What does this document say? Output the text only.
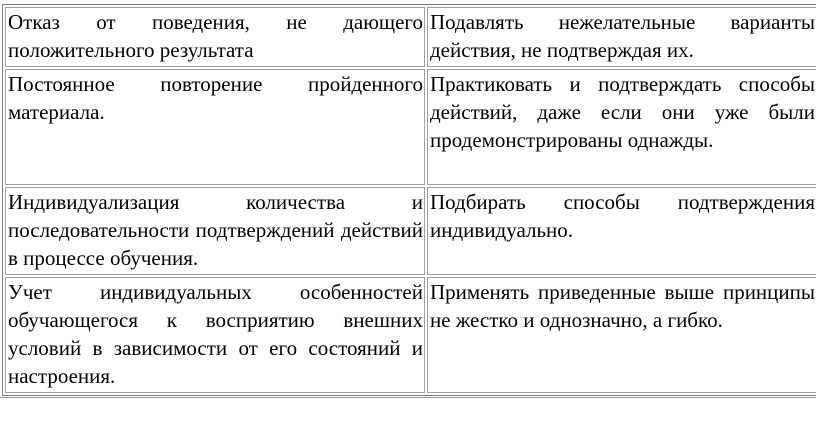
Отказ от поведения, не дающего положительного результата	Подавлять нежелательные варианты действия, не подтверждая их.
Постоянное повторение пройденного материала.	Практиковать и подтверждать способы действий, даже если они уже были продемонстрированы однажды.
Индивидуализация количества и последовательности подтверждений действий в процессе обучения.	Подбирать способы подтверждения индивидуально.
Учет индивидуальных особенностей обучающегося к восприятию внешних условий в зависимости от его состояний и настроения.	Применять приведенные выше принципы не жестко и однозначно, а гибко.
